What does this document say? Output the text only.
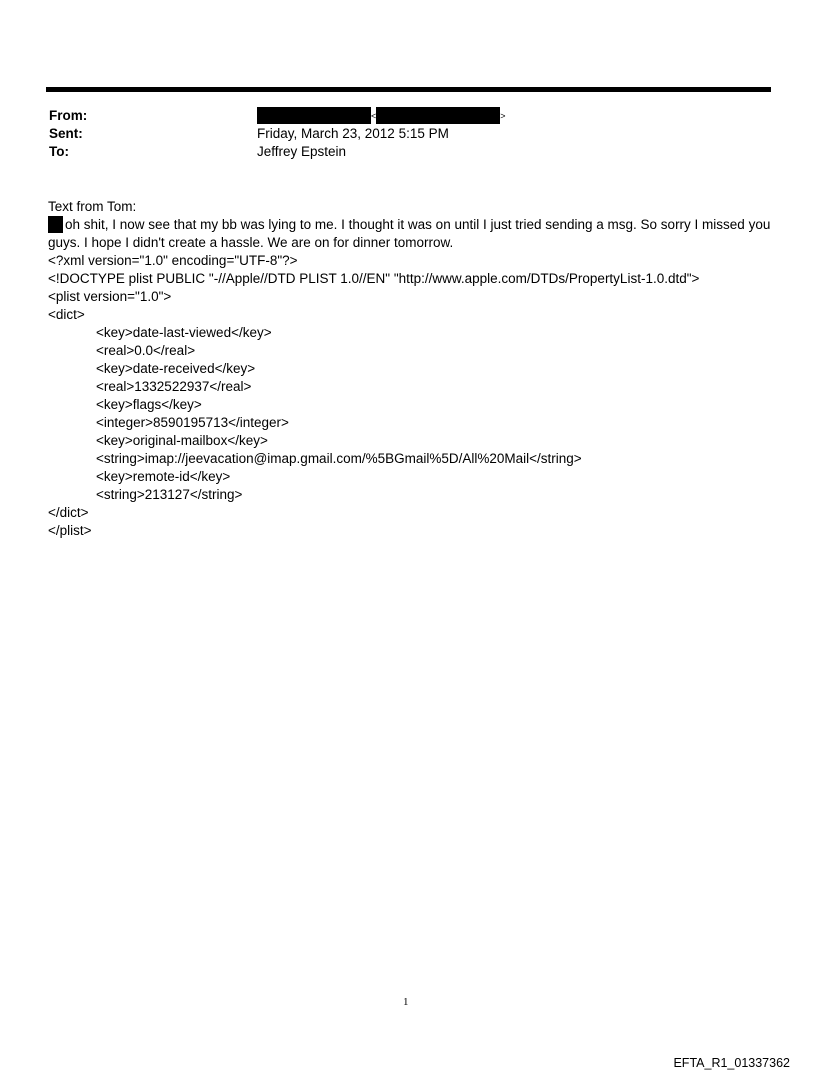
From:	<	>
Sent:	Friday, March 23, 2012 5:15 PM
To:	Jeffrey Epstein
Text from Tom:
oh shit, I now see that my bb was lying to me. I thought it was on until I just tried sending a msg. So sorry I missed you guys. I hope I didn't create a hassle. We are on for dinner tomorrow.
<?xml version="1.0" encoding="UTF-8"?>
<!DOCTYPE plist PUBLIC "-//Apple//DTD PLIST 1.0//EN" "http://www.apple.com/DTDs/PropertyList-1.0.dtd">
<plist version="1.0">
<dict>
<key>date-last-viewed</key>
<real>0.0</real>
<key>date-received</key>
<real>1332522937</real>
<key>flags</key>
<integer>8590195713</integer>
<key>original-mailbox</key>
<string>imap://jeevacation@imap.gmail.com/%5BGmail%5D/All%20Mail</string>
<key>remote-id</key>
<string>213127</string>
</dict>
</plist>
1
EFTA_R1_01337362
